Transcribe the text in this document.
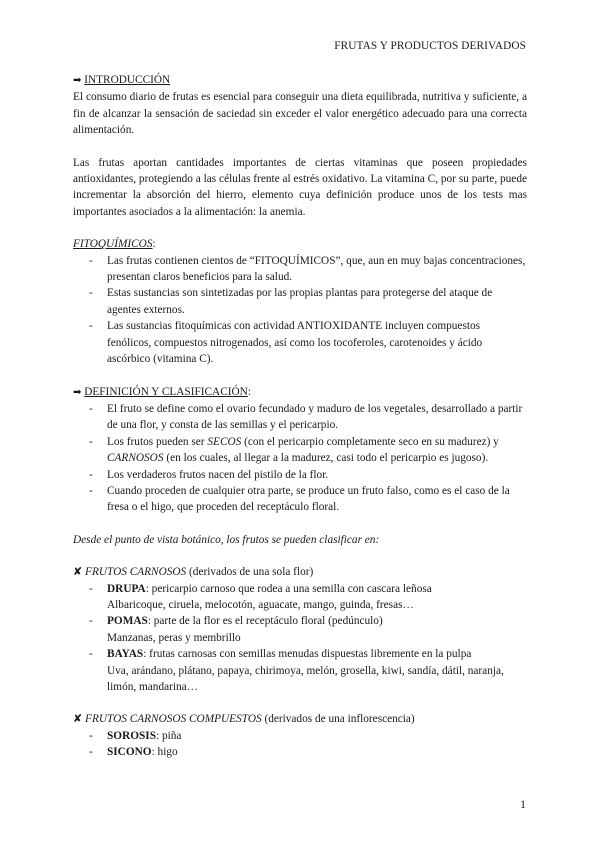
FRUTAS Y PRODUCTOS DERIVADOS
➡ INTRODUCCIÓN

El consumo diario de frutas es esencial para conseguir una dieta equilibrada, nutritiva y suficiente, a fin de alcanzar la sensación de saciedad sin exceder el valor energético adecuado para una correcta alimentación.

Las frutas aportan cantidades importantes de ciertas vitaminas que poseen propiedades antioxidantes, protegiendo a las células frente al estrés oxidativo. La vitamina C, por su parte, puede incrementar la absorción del hierro, elemento cuya definición produce unos de los tests mas importantes asociados a la alimentación: la anemia.

FITOQUÍMICOS:
- Las frutas contienen cientos de “FITOQUÍMICOS”, que, aun en muy bajas concentraciones, presentan claros beneficios para la salud.
- Estas sustancias son sintetizadas por las propias plantas para protegerse del ataque de agentes externos.
- Las sustancias fitoquímicas con actividad ANTIOXIDANTE incluyen compuestos fenólicos, compuestos nitrogenados, así como los tocoferoles, carotenoides y ácido ascórbico (vitamina C).
➡ DEFINICIÓN Y CLASIFICACIÓN:
- El fruto se define como el ovario fecundado y maduro de los vegetales, desarrollado a partir de una flor, y consta de las semillas y el pericarpio.
- Los frutos pueden ser SECOS (con el pericarpio completamente seco en su madurez) y CARNOSOS (en los cuales, al llegar a la madurez, casi todo el pericarpio es jugoso).
- Los verdaderos frutos nacen del pistilo de la flor.
- Cuando proceden de cualquier otra parte, se produce un fruto falso, como es el caso de la fresa o el higo, que proceden del receptáculo floral.

Desde el punto de vista botánico, los frutos se pueden clasificar en:

✘ FRUTOS CARNOSOS (derivados de una sola flor)
- DRUPA: pericarpio carnoso que rodea a una semilla con cascara leñosa
Albaricoque, ciruela, melocotón, aguacate, mango, guinda, fresas…
- POMAS: parte de la flor es el receptáculo floral (pedúnculo)
Manzanas, peras y membrillo
- BAYAS: frutas carnosas con semillas menudas dispuestas libremente en la pulpa
Uva, arándano, plátano, papaya, chirimoya, melón, grosella, kiwi, sandía, dátil, naranja, limón, mandarina…
✘ FRUTOS CARNOSOS COMPUESTOS (derivados de una inflorescencia)
- SOROSIS: piña
- SICONO: higo
1
